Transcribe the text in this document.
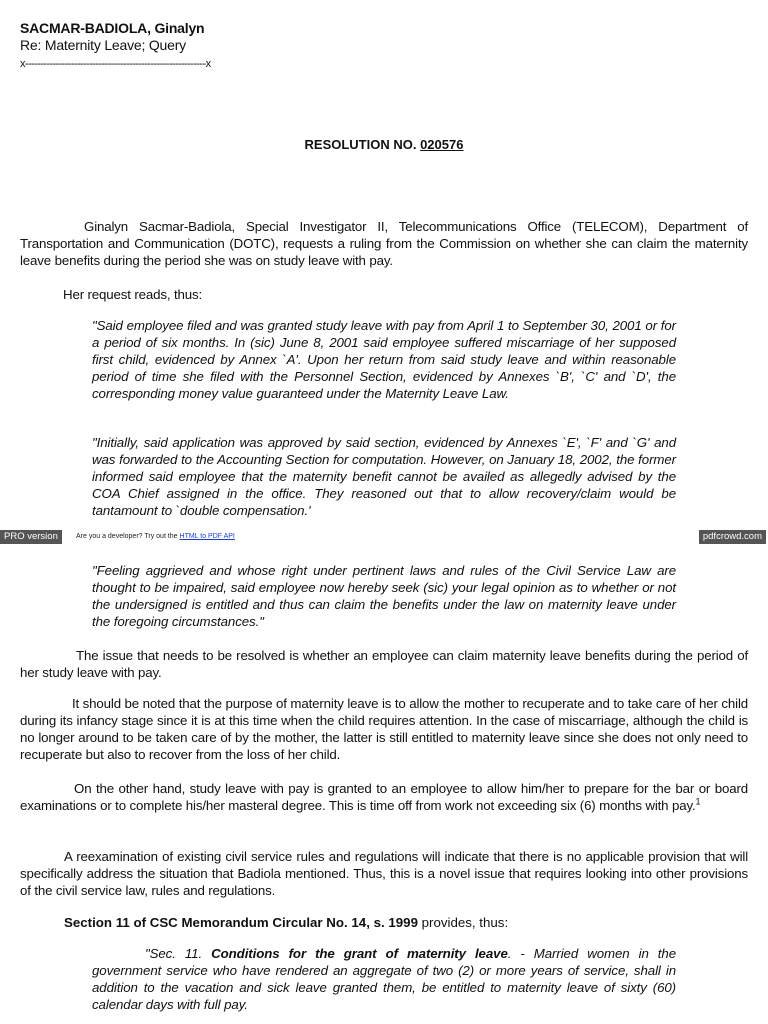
SACMAR-BADIOLA, Ginalyn
Re: Maternity Leave; Query
x-----------------------------------------------------------x
RESOLUTION NO. 020576

Ginalyn Sacmar-Badiola, Special Investigator II, Telecommunications Office (TELECOM), Department of Transportation and Communication (DOTC), requests a ruling from the Commission on whether she can claim the maternity leave benefits during the period she was on study leave with pay.

Her request reads, thus:

"Said employee filed and was granted study leave with pay from April 1 to September 30, 2001 or for a period of six months. In (sic) June 8, 2001 said employee suffered miscarriage of her supposed first child, evidenced by Annex `A'. Upon her return from said study leave and within reasonable period of time she filed with the Personnel Section, evidenced by Annexes `B', `C' and `D', the corresponding money value guaranteed under the Maternity Leave Law.

"Initially, said application was approved by said section, evidenced by Annexes `E', `F' and `G' and was forwarded to the Accounting Section for computation. However, on January 18, 2002, the former informed said employee that the maternity benefit cannot be availed as allegedly advised by the COA Chief assigned in the office. They reasoned out that to allow recovery/claim would be tantamount to `double compensation.'

PRO version	Are you a developer? Try out the HTML to PDF API	pdfcrowd.com

"Feeling aggrieved and whose right under pertinent laws and rules of the Civil Service Law are thought to be impaired, said employee now hereby seek (sic) your legal opinion as to whether or not the undersigned is entitled and thus can claim the benefits under the law on maternity leave under the foregoing circumstances."

The issue that needs to be resolved is whether an employee can claim maternity leave benefits during the period of her study leave with pay.

It should be noted that the purpose of maternity leave is to allow the mother to recuperate and to take care of her child during its infancy stage since it is at this time when the child requires attention. In the case of miscarriage, although the child is no longer around to be taken care of by the mother, the latter is still entitled to maternity leave since she does not only need to recuperate but also to recover from the loss of her child.

On the other hand, study leave with pay is granted to an employee to allow him/her to prepare for the bar or board examinations or to complete his/her masteral degree. This is time off from work not exceeding six (6) months with pay.$^1$

A reexamination of existing civil service rules and regulations will indicate that there is no applicable provision that will specifically address the situation that Badiola mentioned. Thus, this is a novel issue that requires looking into other provisions of the civil service law, rules and regulations.

Section 11 of CSC Memorandum Circular No. 14, s. 1999 provides, thus:

"Sec. 11. Conditions for the grant of maternity leave. - Married women in the government service who have rendered an aggregate of two (2) or more years of service, shall in addition to the vacation and sick leave granted them, be entitled to maternity leave of sixty (60) calendar days with full pay.
